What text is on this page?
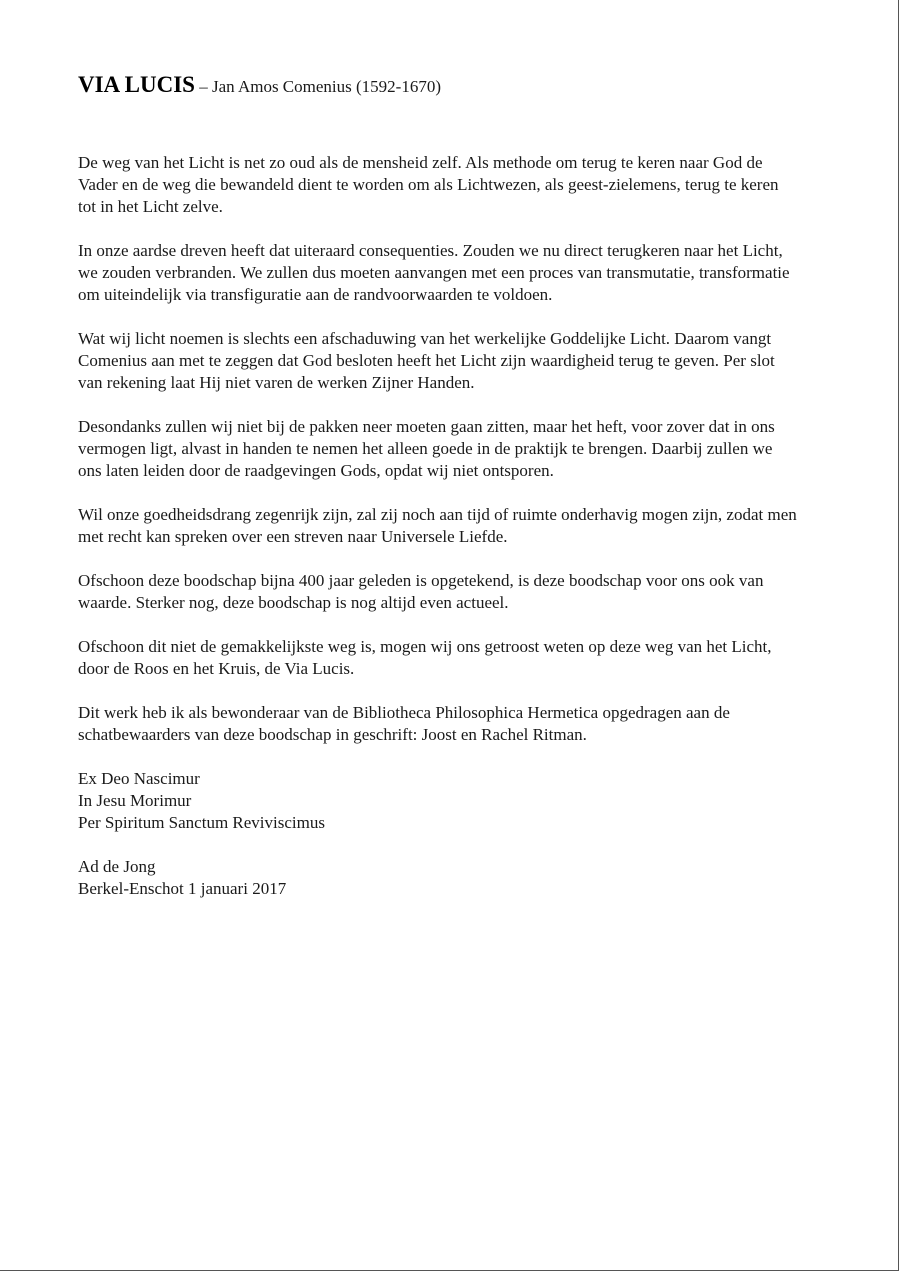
VIA LUCIS – Jan Amos Comenius (1592-1670)

De weg van het Licht is net zo oud als de mensheid zelf. Als methode om terug te keren naar God de Vader en de weg die bewandeld dient te worden om als Lichtwezen, als geest-zielemens, terug te keren tot in het Licht zelve.

In onze aardse dreven heeft dat uiteraard consequenties. Zouden we nu direct terugkeren naar het Licht, we zouden verbranden. We zullen dus moeten aanvangen met een proces van transmutatie, transformatie om uiteindelijk via transfiguratie aan de randvoorwaarden te voldoen.

Wat wij licht noemen is slechts een afschaduwing van het werkelijke Goddelijke Licht. Daarom vangt Comenius aan met te zeggen dat God besloten heeft het Licht zijn waardigheid terug te geven. Per slot van rekening laat Hij niet varen de werken Zijner Handen.

Desondanks zullen wij niet bij de pakken neer moeten gaan zitten, maar het heft, voor zover dat in ons vermogen ligt, alvast in handen te nemen het alleen goede in de praktijk te brengen. Daarbij zullen we ons laten leiden door de raadgevingen Gods, opdat wij niet ontsporen.

Wil onze goedheidsdrang zegenrijk zijn, zal zij noch aan tijd of ruimte onderhavig mogen zijn, zodat men met recht kan spreken over een streven naar Universele Liefde.

Ofschoon deze boodschap bijna 400 jaar geleden is opgetekend, is deze boodschap voor ons ook van waarde. Sterker nog, deze boodschap is nog altijd even actueel.

Ofschoon dit niet de gemakkelijkste weg is, mogen wij ons getroost weten op deze weg van het Licht, door de Roos en het Kruis, de Via Lucis.

Dit werk heb ik als bewonderaar van de Bibliotheca Philosophica Hermetica opgedragen aan de schatbewaarders van deze boodschap in geschrift: Joost en Rachel Ritman.

Ex Deo Nascimur
In Jesu Morimur
Per Spiritum Sanctum Reviviscimus
Ad de Jong
Berkel-Enschot 1 januari 2017
